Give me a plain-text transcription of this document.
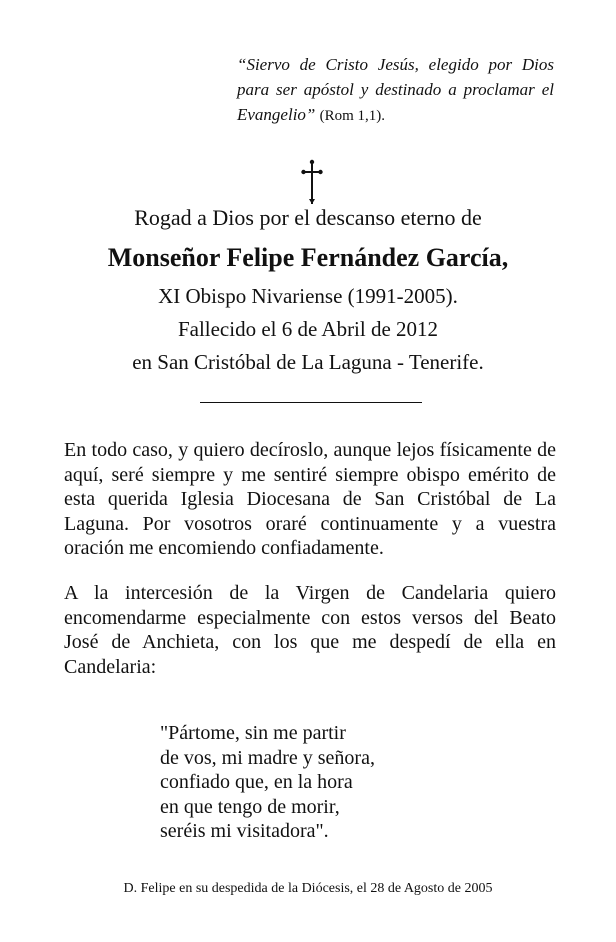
“Siervo de Cristo Jesús, elegido por Dios para ser apóstol y destinado a proclamar el Evangelio” (Rom 1,1).
Rogad a Dios por el descanso eterno de
Monseñor Felipe Fernández García,
XI Obispo Nivariense (1991-2005).
Fallecido el 6 de Abril de 2012
en San Cristóbal de La Laguna - Tenerife.

En todo caso, y quiero decíroslo, aunque lejos físicamente de aquí, seré siempre y me sentiré siempre obispo emérito de esta querida Iglesia Diocesana de San Cristóbal de La Laguna. Por vosotros oraré continuamente y a vuestra oración me encomiendo confiadamente.

A la intercesión de la Virgen de Candelaria quiero encomendarme especialmente con estos versos del Beato José de Anchieta, con los que me despedí de ella en Candelaria:

"Pártome, sin me partir
de vos, mi madre y señora,
confiado que, en la hora
en que tengo de morir,
seréis mi visitadora".
D. Felipe en su despedida de la Diócesis, el 28 de Agosto de 2005
